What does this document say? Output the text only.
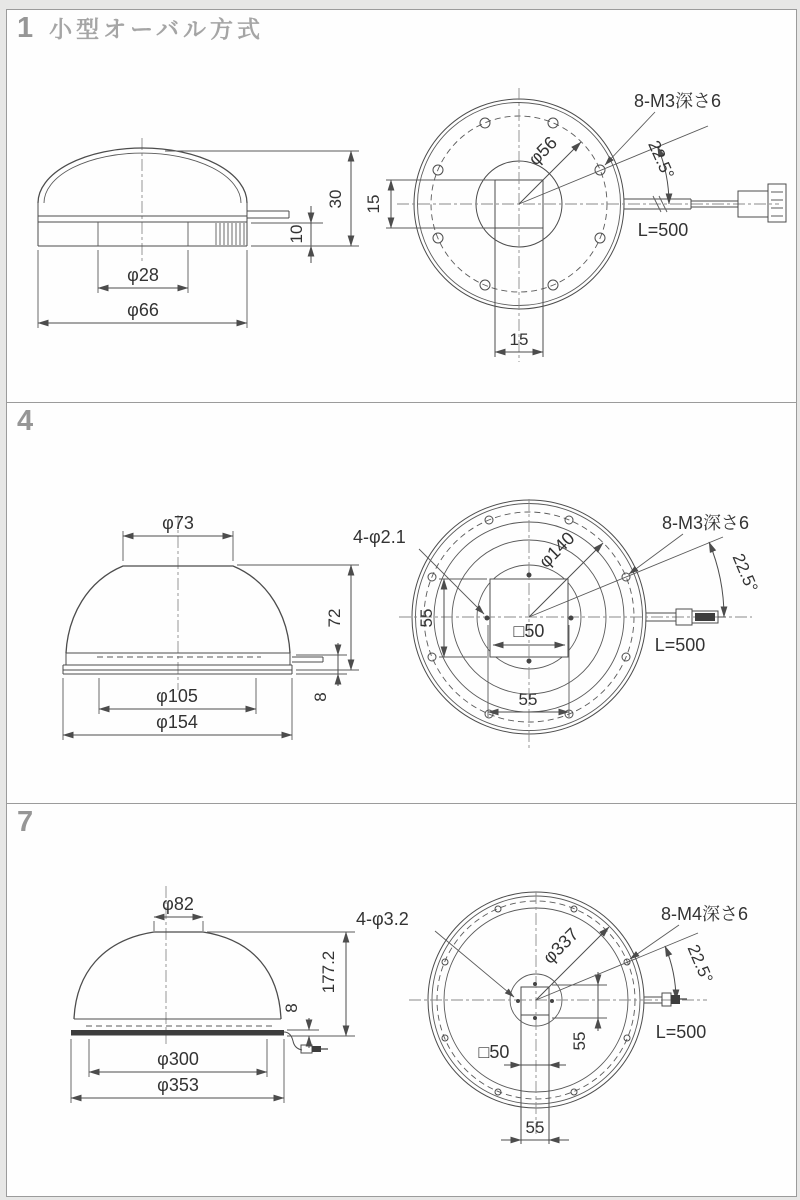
1 小型オーバル方式
10
30
φ28
φ66
15
15
φ56
8-M3深さ6
22.5°
L=500
4
φ73
72
8
φ105
φ154
55
55
□50
φ140
4-φ2.1
8-M3深さ6
22.5°
L=500
7
φ82
8
177.2
φ300
φ353
55
□50
55
φ337
4-φ3.2	8-M4深さ6
22.5°
L=500
